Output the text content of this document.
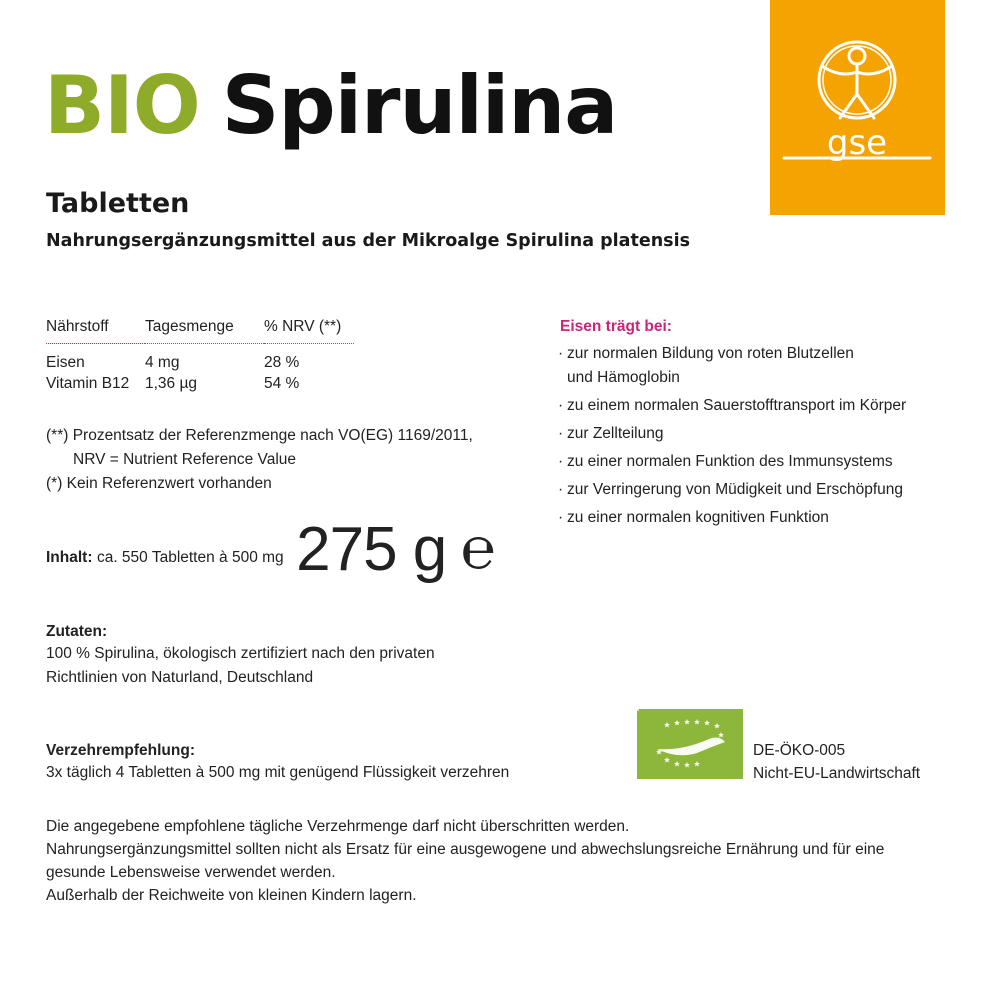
BIO Spirulina
Tabletten
Nahrungsergänzungsmittel aus der Mikroalge Spirulina platensis
gse
Nährstoff	Tagesmenge	% NRV (**)
Eisen	4 mg	28 %
Vitamin B12	1,36 µg	54 %
(**) Prozentsatz der Referenzmenge nach VO(EG) 1169/2011,
NRV = Nutrient Reference Value
(*) Kein Referenzwert vorhanden
Inhalt: ca. 550 Tabletten à 500 mg 275 g ℮
Zutaten:
100 % Spirulina, ökologisch zertifiziert nach den privaten
Richtlinien von Naturland, Deutschland
Verzehrempfehlung:
3x täglich 4 Tabletten à 500 mg mit genügend Flüssigkeit verzehren
Eisen trägt bei:
· zur normalen Bildung von roten Blutzellen
und Hämoglobin
· zu einem normalen Sauerstofftransport im Körper
· zur Zellteilung
· zu einer normalen Funktion des Immunsystems
· zur Verringerung von Müdigkeit und Erschöpfung
· zu einer normalen kognitiven Funktion
DE-ÖKO-005
Nicht-EU-Landwirtschaft
Die angegebene empfohlene tägliche Verzehrmenge darf nicht überschritten werden.
Nahrungsergänzungsmittel sollten nicht als Ersatz für eine ausgewogene und abwechslungsreiche Ernährung und für eine gesunde Lebensweise verwendet werden.
Außerhalb der Reichweite von kleinen Kindern lagern.
